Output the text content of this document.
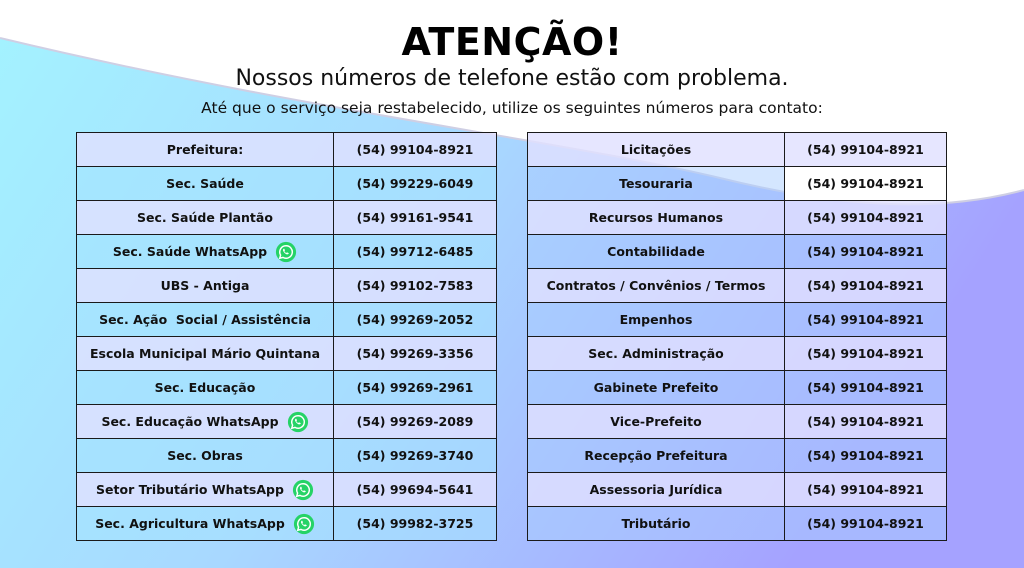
ATENÇÃO!
Nossos números de telefone estão com problema.
Até que o serviço seja restabelecido, utilize os seguintes números para contato:
Prefeitura:	(54) 99104-8921

Sec. Saúde	(54) 99229-6049

Sec. Saúde Plantão	(54) 99161-9541

Sec. Saúde WhatsApp	(54) 99712-6485

UBS - Antiga	(54) 99102-7583

Sec. Ação  Social / Assistência	(54) 99269-2052

Escola Municipal Mário Quintana	(54) 99269-3356

Sec. Educação	(54) 99269-2961

Sec. Educação WhatsApp	(54) 99269-2089

Sec. Obras	(54) 99269-3740

Setor Tributário WhatsApp	(54) 99694-5641

Sec. Agricultura WhatsApp	(54) 99982-3725
Licitações	(54) 99104-8921

Tesouraria	(54) 99104-8921

Recursos Humanos	(54) 99104-8921

Contabilidade	(54) 99104-8921

Contratos / Convênios / Termos	(54) 99104-8921

Empenhos	(54) 99104-8921

Sec. Administração	(54) 99104-8921

Gabinete Prefeito	(54) 99104-8921

Vice-Prefeito	(54) 99104-8921

Recepção Prefeitura	(54) 99104-8921

Assessoria Jurídica	(54) 99104-8921

Tributário	(54) 99104-8921
